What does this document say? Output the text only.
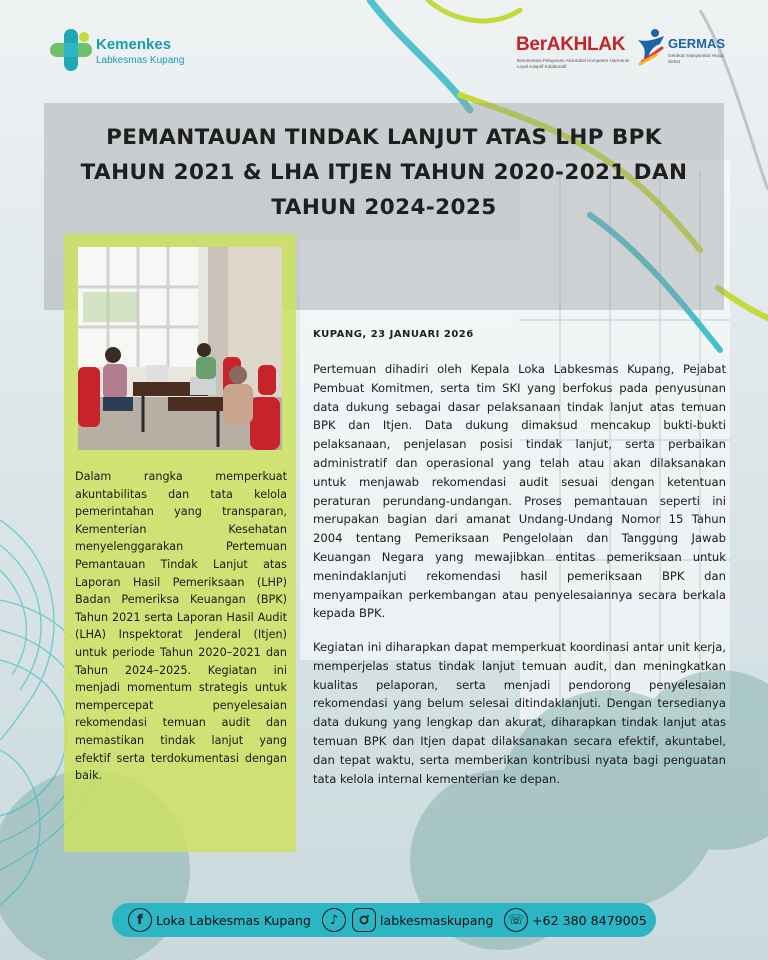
Kemenkes
Labkesmas Kupang
BerAKHLAK
Berorientasi Pelayanan Akuntabel Kompeten Harmonis Loyal Adaptif Kolaboratif
GERMAS
Gerakan Masyarakat Hidup Sehat
PEMANTAUAN TINDAK LANJUT ATAS LHP BPK
TAHUN 2021 & LHA ITJEN TAHUN 2020-2021 DAN
TAHUN 2024-2025

Dalam rangka memperkuat akuntabilitas dan tata kelola pemerintahan yang transparan, Kementerian Kesehatan menyelenggarakan Pertemuan Pemantauan Tindak Lanjut atas Laporan Hasil Pemeriksaan (LHP) Badan Pemeriksa Keuangan (BPK) Tahun 2021 serta Laporan Hasil Audit (LHA) Inspektorat Jenderal (Itjen) untuk periode Tahun 2020–2021 dan Tahun 2024–2025. Kegiatan ini menjadi momentum strategis untuk mempercepat penyelesaian rekomendasi temuan audit dan memastikan tindak lanjut yang efektif serta terdokumentasi dengan baik.

KUPANG, 23 JANUARI 2026

Pertemuan dihadiri oleh Kepala Loka Labkesmas Kupang, Pejabat Pembuat Komitmen, serta tim SKI yang berfokus pada penyusunan data dukung sebagai dasar pelaksanaan tindak lanjut atas temuan BPK dan Itjen. Data dukung dimaksud mencakup bukti-bukti pelaksanaan, penjelasan posisi tindak lanjut, serta perbaikan administratif dan operasional yang telah atau akan dilaksanakan untuk menjawab rekomendasi audit sesuai dengan ketentuan peraturan perundang-undangan. Proses pemantauan seperti ini merupakan bagian dari amanat Undang-Undang Nomor 15 Tahun 2004 tentang Pemeriksaan Pengelolaan dan Tanggung Jawab Keuangan Negara yang mewajibkan entitas pemeriksaan untuk menindaklanjuti rekomendasi hasil pemeriksaan BPK dan menyampaikan perkembangan atau penyelesaiannya secara berkala kepada BPK.

Kegiatan ini diharapkan dapat memperkuat koordinasi antar unit kerja, memperjelas status tindak lanjut temuan audit, dan meningkatkan kualitas pelaporan, serta menjadi pendorong penyelesaian rekomendasi yang belum selesai ditindaklanjuti. Dengan tersedianya data dukung yang lengkap dan akurat, diharapkan tindak lanjut atas temuan BPK dan Itjen dapat dilaksanakan secara efektif, akuntabel, dan tepat waktu, serta memberikan kontribusi nyata bagi penguatan tata kelola internal kementerian ke depan.

f	Loka Labkesmas Kupang	♪	labkesmaskupang ☏ +62 380 8479005
